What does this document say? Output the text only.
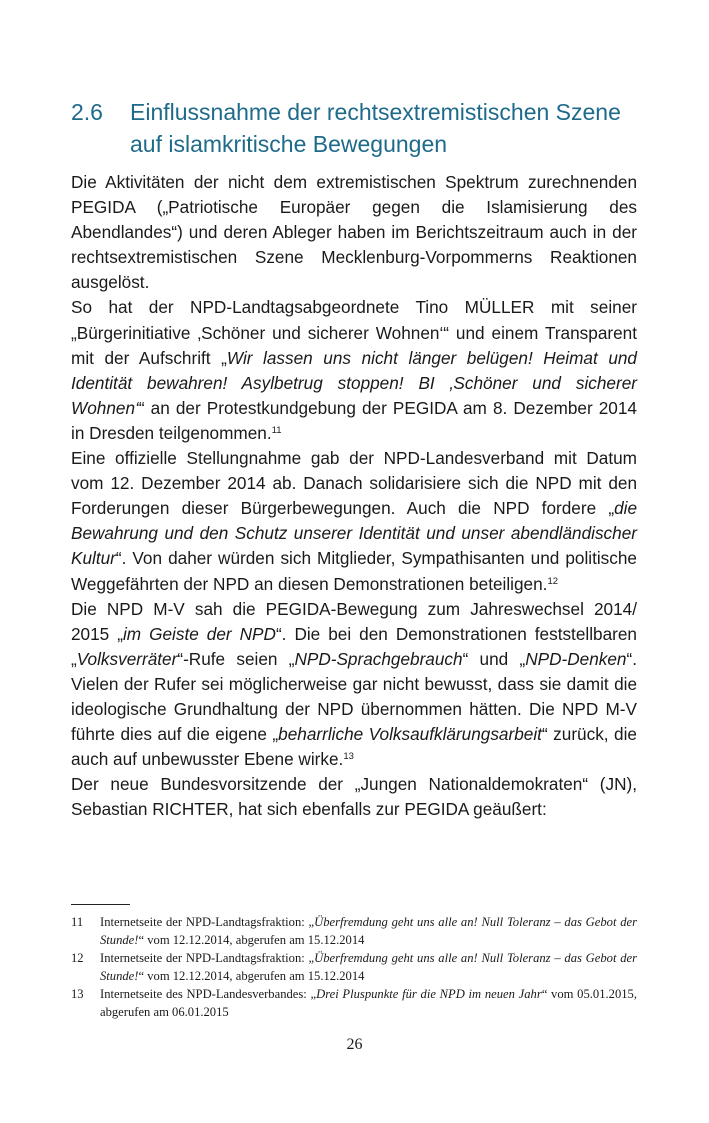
2.6	Einflussnahme der rechtsextremistischen Szene
auf islamkritische Bewegungen

Die Aktivitäten der nicht dem extremistischen Spektrum zurechnenden PEGIDA („Patriotische Europäer gegen die Islamisierung des Abendlandes“) und deren Ableger haben im Berichtszeitraum auch in der rechtsextremistischen Szene Mecklenburg-Vorpommerns Reaktionen ausgelöst.

So hat der NPD-Landtagsabgeordnete Tino MÜLLER mit seiner „Bürgerinitiative ‚Schöner und sicherer Wohnen‘“ und einem Transparent mit der Aufschrift „Wir lassen uns nicht länger belügen! Heimat und Identität bewahren! Asylbetrug stoppen! BI ‚Schöner und sicherer Wohnen‘“ an der Protestkundgebung der PEGIDA am 8. Dezember 2014 in Dresden teilgenommen.$^{11}$

Eine offizielle Stellungnahme gab der NPD-Landesverband mit Datum vom 12. Dezember 2014 ab. Danach solidarisiere sich die NPD mit den Forderungen dieser Bürgerbewegungen. Auch die NPD fordere „die Bewahrung und den Schutz unserer Identität und unser abendländischer Kultur“. Von daher würden sich Mitglieder, Sympathisanten und politische Weggefährten der NPD an diesen Demonstrationen beteiligen.$^{12}$

Die NPD M-V sah die PEGIDA-Bewegung zum Jahreswechsel 2014/ 2015 „im Geiste der NPD“. Die bei den Demonstrationen feststellbaren „Volksverräter“-Rufe seien „NPD-Sprachgebrauch“ und „NPD-Denken“. Vielen der Rufer sei möglicherweise gar nicht bewusst, dass sie damit die ideologische Grundhaltung der NPD übernommen hätten. Die NPD M-V führte dies auf die eigene „beharrliche Volksaufklärungsarbeit“ zurück, die auch auf unbewusster Ebene wirke.$^{13}$

Der neue Bundesvorsitzende der „Jungen Nationaldemokraten“ (JN), Sebastian RICHTER, hat sich ebenfalls zur PEGIDA geäußert:

11	Internetseite der NPD-Landtagsfraktion: „Überfremdung geht uns alle an! Null Toleranz – das Gebot der Stunde!“ vom 12.12.2014, abgerufen am 15.12.2014
12	Internetseite der NPD-Landtagsfraktion: „Überfremdung geht uns alle an! Null Toleranz – das Gebot der Stunde!“ vom 12.12.2014, abgerufen am 15.12.2014
13	Internetseite des NPD-Landesverbandes: „Drei Pluspunkte für die NPD im neuen Jahr“ vom 05.01.2015, abgerufen am 06.01.2015
26
